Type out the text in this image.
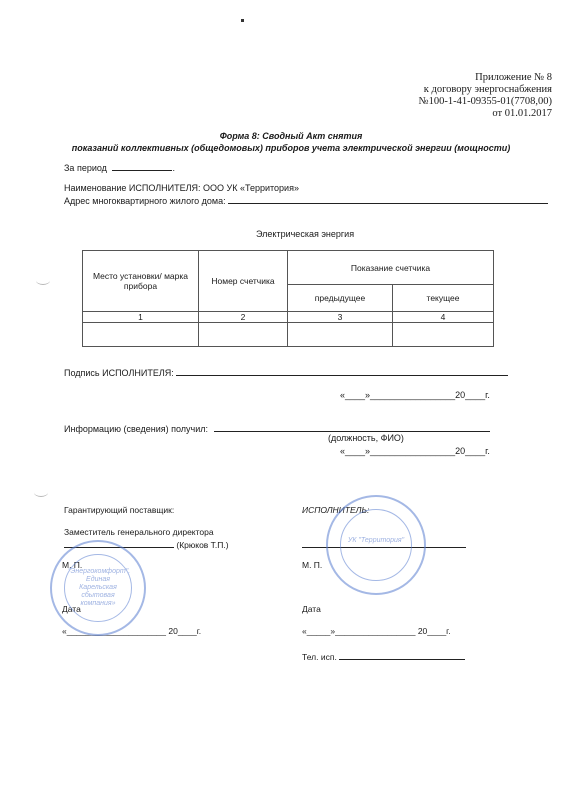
Приложение № 8
к договору энергоснабжения
№100-1-41-09355-01(7708,00)
от 01.01.2017
Форма 8: Сводный Акт снятия
показаний коллективных (общедомовых) приборов учета электрической энергии (мощности)
За период	.
Наименование ИСПОЛНИТЕЛЯ: ООО УК «Территория»
Адрес многоквартирного жилого дома:
Электрическая энергия
Место установки/ марка прибора	Номер счетчика	Показание счетчика	
		предыдущее	текущее
1	2	3	4

Подпись ИСПОЛНИТЕЛЯ:
«____»_________________20____г.
Информацию (сведения) получил:
(должность, ФИО)
«____»_________________20____г.
Гарантирующий поставщик:
Заместитель генерального директора
(Крюков Т.П.)
М. П.
Дата
«_____________________ 20____г.
ИСПОЛНИТЕЛЬ:
М. П.
Дата
«_____»_________________ 20____г.
Тел. исп.
"Энергокомфорт". Единая Карельская сбытовая компания»
УК "Территория"
